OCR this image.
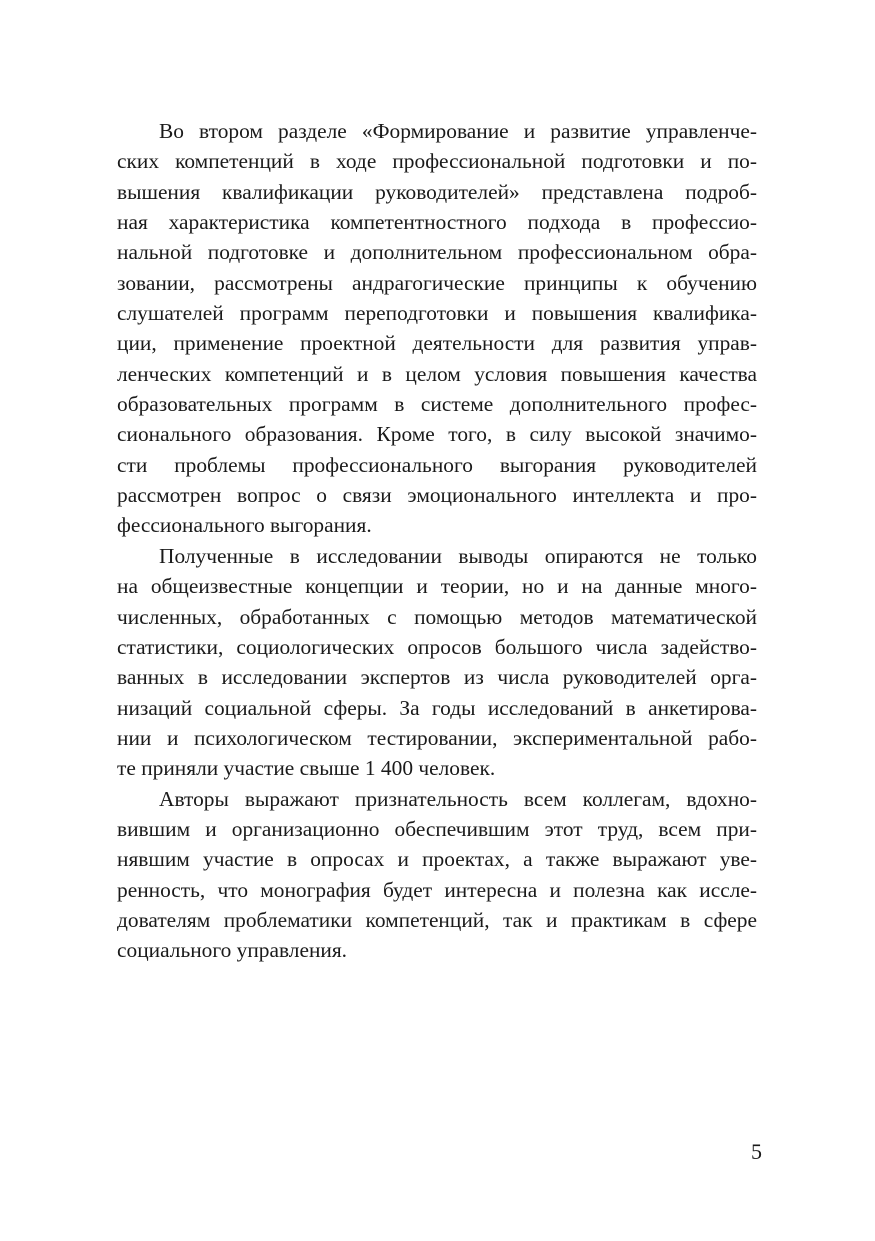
Во втором разделе «Формирование и развитие управленче-
ских компетенций в ходе профессиональной подготовки и по-
вышения квалификации руководителей» представлена подроб-
ная характеристика компетентностного подхода в профессио-
нальной подготовке и дополнительном профессиональном обра-
зовании, рассмотрены андрагогические принципы к обучению
слушателей программ переподготовки и повышения квалифика-
ции, применение проектной деятельности для развития управ-
ленческих компетенций и в целом условия повышения качества
образовательных программ в системе дополнительного профес-
сионального образования. Кроме того, в силу высокой значимо-
сти проблемы профессионального выгорания руководителей
рассмотрен вопрос о связи эмоционального интеллекта и про-
фессионального выгорания.
Полученные в исследовании выводы опираются не только
на общеизвестные концепции и теории, но и на данные много-
численных, обработанных с помощью методов математической
статистики, социологических опросов большого числа задейство-
ванных в исследовании экспертов из числа руководителей орга-
низаций социальной сферы. За годы исследований в анкетирова-
нии и психологическом тестировании, экспериментальной рабо-
те приняли участие свыше 1 400 человек.
Авторы выражают признательность всем коллегам, вдохно-
вившим и организационно обеспечившим этот труд, всем при-
нявшим участие в опросах и проектах, а также выражают уве-
ренность, что монография будет интересна и полезна как иссле-
дователям проблематики компетенций, так и практикам в сфере
социального управления.
5
